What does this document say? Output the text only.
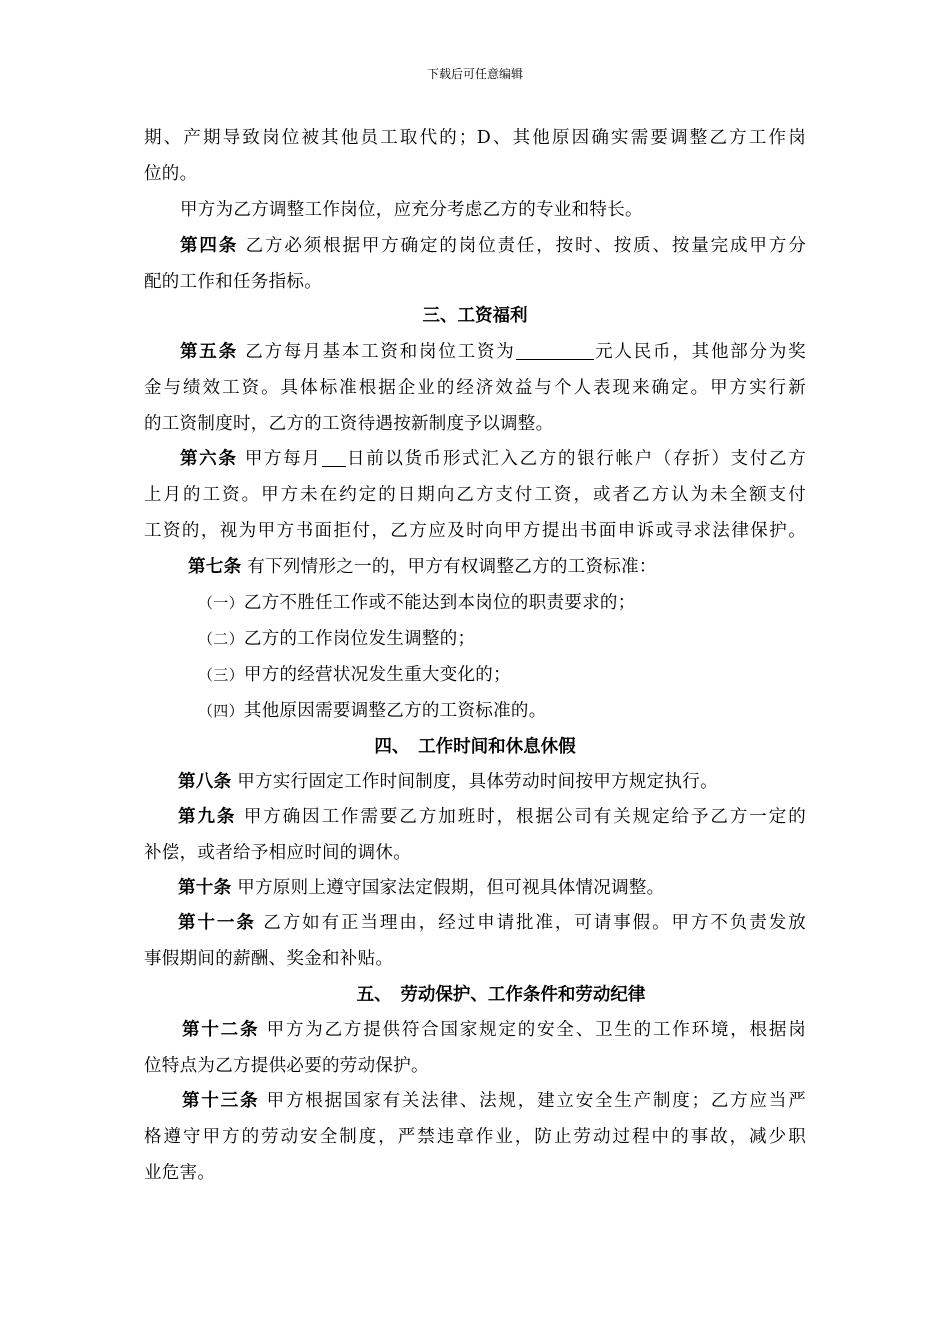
下载后可任意编辑
期、产期导致岗位被其他员工取代的；D、其他原因确实需要调整乙方工作岗
位的。
甲方为乙方调整工作岗位，应充分考虑乙方的专业和特长。
第四条 乙方必须根据甲方确定的岗位责任，按时、按质、按量完成甲方分
配的工作和任务指标。
三、工资福利
第五条 乙方每月基本工资和岗位工资为	元人民币，其他部分为奖
金与绩效工资。具体标准根据企业的经济效益与个人表现来确定。甲方实行新
的工资制度时，乙方的工资待遇按新制度予以调整。
第六条 甲方每月 日前以货币形式汇入乙方的银行帐户（存折）支付乙方
上月的工资。甲方未在约定的日期向乙方支付工资，或者乙方认为未全额支付
工资的，视为甲方书面拒付，乙方应及时向甲方提出书面申诉或寻求法律保护。
第七条 有下列情形之一的，甲方有权调整乙方的工资标准：
（一）乙方不胜任工作或不能达到本岗位的职责要求的；
（二）乙方的工作岗位发生调整的；
（三）甲方的经营状况发生重大变化的；
（四）其他原因需要调整乙方的工资标准的。
四、　工作时间和休息休假
第八条 甲方实行固定工作时间制度，具体劳动时间按甲方规定执行。
第九条 甲方确因工作需要乙方加班时，根据公司有关规定给予乙方一定的
补偿，或者给予相应时间的调休。
第十条 甲方原则上遵守国家法定假期，但可视具体情况调整。
第十一条 乙方如有正当理由，经过申请批准，可请事假。甲方不负责发放
事假期间的薪酬、奖金和补贴。
五、　劳动保护、工作条件和劳动纪律
第十二条 甲方为乙方提供符合国家规定的安全、卫生的工作环境，根据岗
位特点为乙方提供必要的劳动保护。
第十三条 甲方根据国家有关法律、法规，建立安全生产制度；乙方应当严
格遵守甲方的劳动安全制度，严禁违章作业，防止劳动过程中的事故，减少职
业危害。
